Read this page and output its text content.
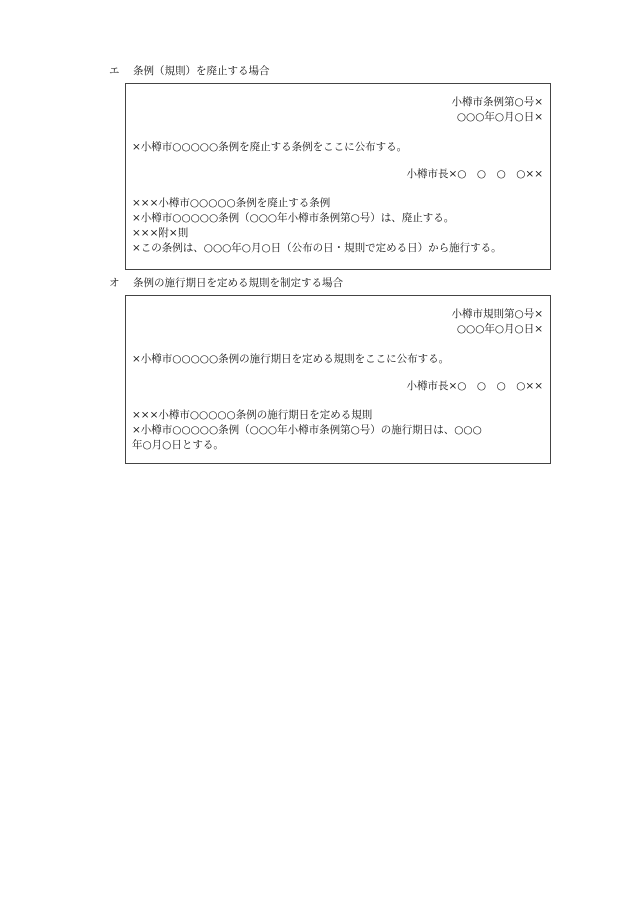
エ 条例（規則）を廃止する場合
小樽市条例第○号×
○○○年○月○日×
×小樽市○○○○○条例を廃止する条例をここに公布する。
小樽市長×○　○　○　○××
×××小樽市○○○○○条例を廃止する条例
×小樽市○○○○○条例（○○○年小樽市条例第○号）は、廃止する。
×××附×則
×この条例は、○○○年○月○日（公布の日・規則で定める日）から施行する。
オ 条例の施行期日を定める規則を制定する場合
小樽市規則第○号×
○○○年○月○日×
×小樽市○○○○○条例の施行期日を定める規則をここに公布する。
小樽市長×○　○　○　○××
×××小樽市○○○○○条例の施行期日を定める規則
×小樽市○○○○○条例（○○○年小樽市条例第○号）の施行期日は、○○○
年○月○日とする。
